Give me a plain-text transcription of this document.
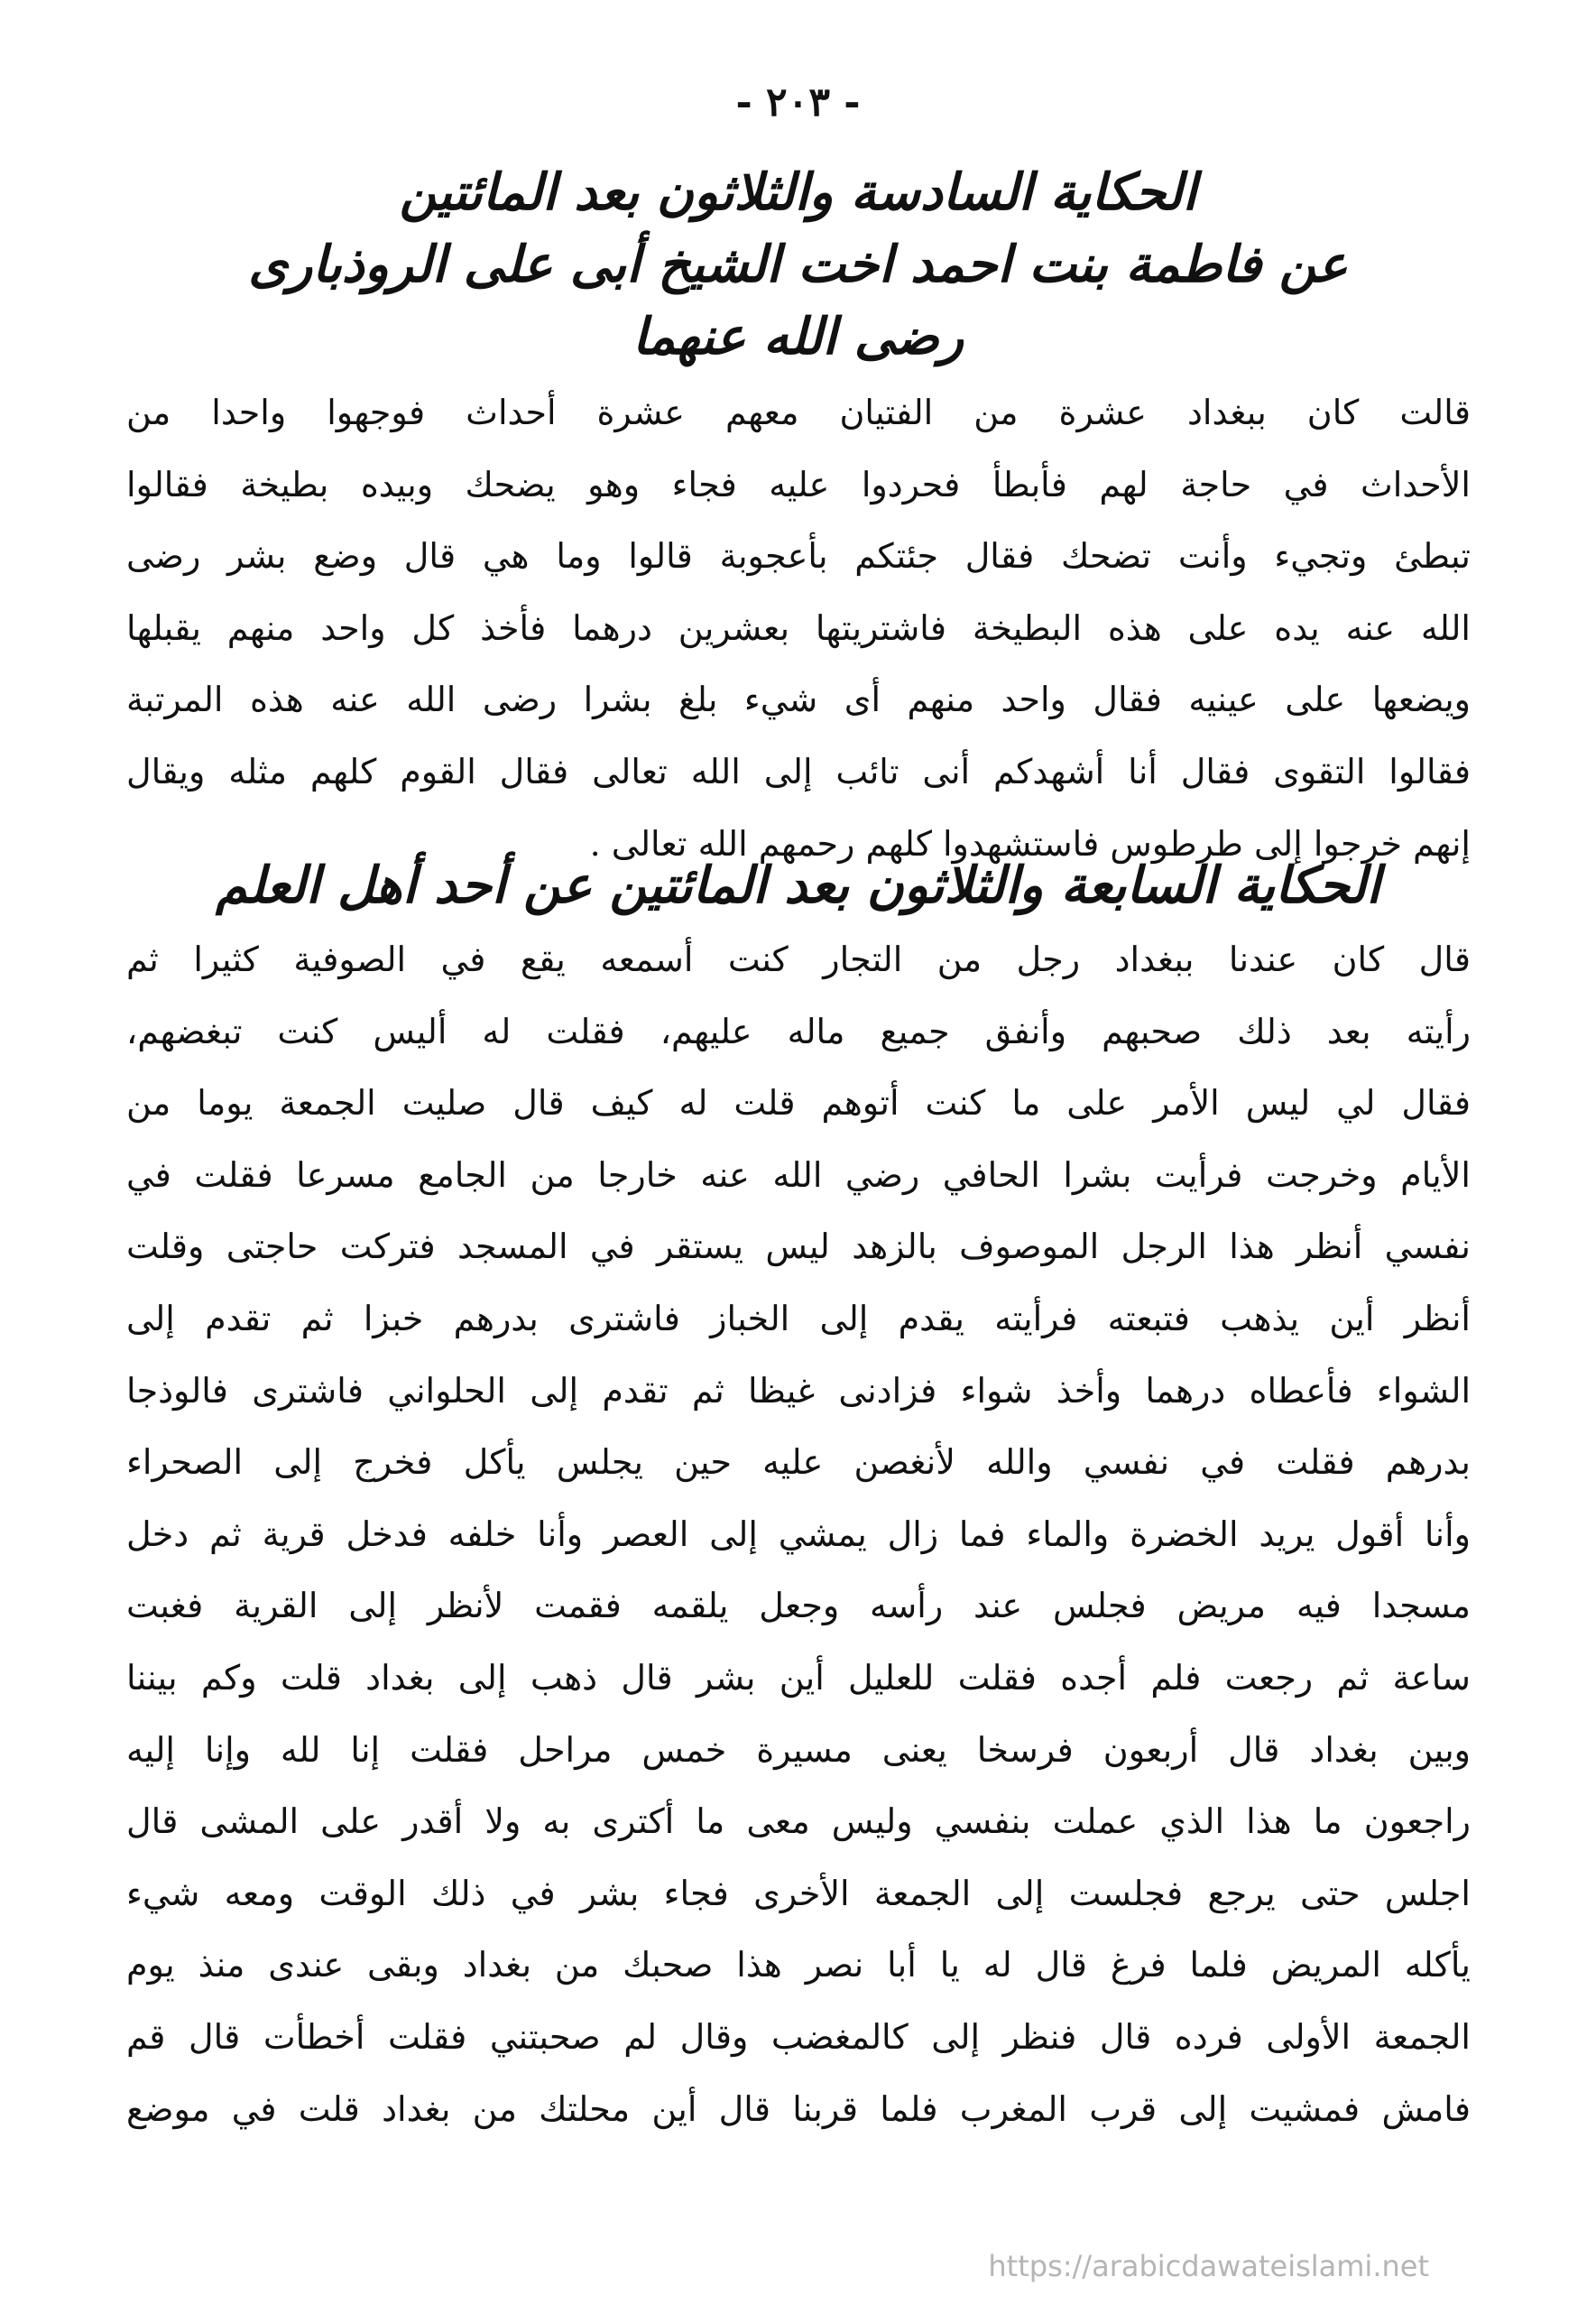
- ٢٠٣ -
الحكاية السادسة والثلاثون بعد المائتين
عن فاطمة بنت احمد اخت الشيخ أبى على الروذبارى
رضى الله عنهما
قالت كان ببغداد عشرة من الفتيان معهم عشرة أحداث فوجهوا واحدا من
الأحداث في حاجة لهم فأبطأ فحردوا عليه فجاء وهو يضحك وبيده بطيخة فقالوا
تبطئ وتجيء وأنت تضحك فقال جئتكم بأعجوبة قالوا وما هي قال وضع بشر رضى
الله عنه يده على هذه البطيخة فاشتريتها بعشرين درهما فأخذ كل واحد منهم يقبلها
ويضعها على عينيه فقال واحد منهم أى شيء بلغ بشرا رضى الله عنه هذه المرتبة
فقالوا التقوى فقال أنا أشهدكم أنى تائب إلى الله تعالى فقال القوم كلهم مثله ويقال
إنهم خرجوا إلى طرطوس فاستشهدوا كلهم رحمهم الله تعالى .
الحكاية السابعة والثلاثون بعد المائتين عن أحد أهل العلم
قال كان عندنا ببغداد رجل من التجار كنت أسمعه يقع في الصوفية كثيرا ثم
رأيته بعد ذلك صحبهم وأنفق جميع ماله عليهم، فقلت له أليس كنت تبغضهم،
فقال لي ليس الأمر على ما كنت أتوهم قلت له كيف قال صليت الجمعة يوما من
الأيام وخرجت فرأيت بشرا الحافي رضي الله عنه خارجا من الجامع مسرعا فقلت في
نفسي أنظر هذا الرجل الموصوف بالزهد ليس يستقر في المسجد فتركت حاجتى وقلت
أنظر أين يذهب فتبعته فرأيته يقدم إلى الخباز فاشترى بدرهم خبزا ثم تقدم إلى
الشواء فأعطاه درهما وأخذ شواء فزادنى غيظا ثم تقدم إلى الحلواني فاشترى فالوذجا
بدرهم فقلت في نفسي والله لأنغصن عليه حين يجلس يأكل فخرج إلى الصحراء
وأنا أقول يريد الخضرة والماء فما زال يمشي إلى العصر وأنا خلفه فدخل قرية ثم دخل
مسجدا فيه مريض فجلس عند رأسه وجعل يلقمه فقمت لأنظر إلى القرية فغبت
ساعة ثم رجعت فلم أجده فقلت للعليل أين بشر قال ذهب إلى بغداد قلت وكم بيننا
وبين بغداد قال أربعون فرسخا يعنى مسيرة خمس مراحل فقلت إنا لله وإنا إليه
راجعون ما هذا الذي عملت بنفسي وليس معى ما أكترى به ولا أقدر على المشى قال
اجلس حتى يرجع فجلست إلى الجمعة الأخرى فجاء بشر في ذلك الوقت ومعه شيء
يأكله المريض فلما فرغ قال له يا أبا نصر هذا صحبك من بغداد وبقى عندى منذ يوم
الجمعة الأولى فرده قال فنظر إلى كالمغضب وقال لم صحبتني فقلت أخطأت قال قم
فامش فمشيت إلى قرب المغرب فلما قربنا قال أين محلتك من بغداد قلت في موضع
https://arabicdawateislami.net
